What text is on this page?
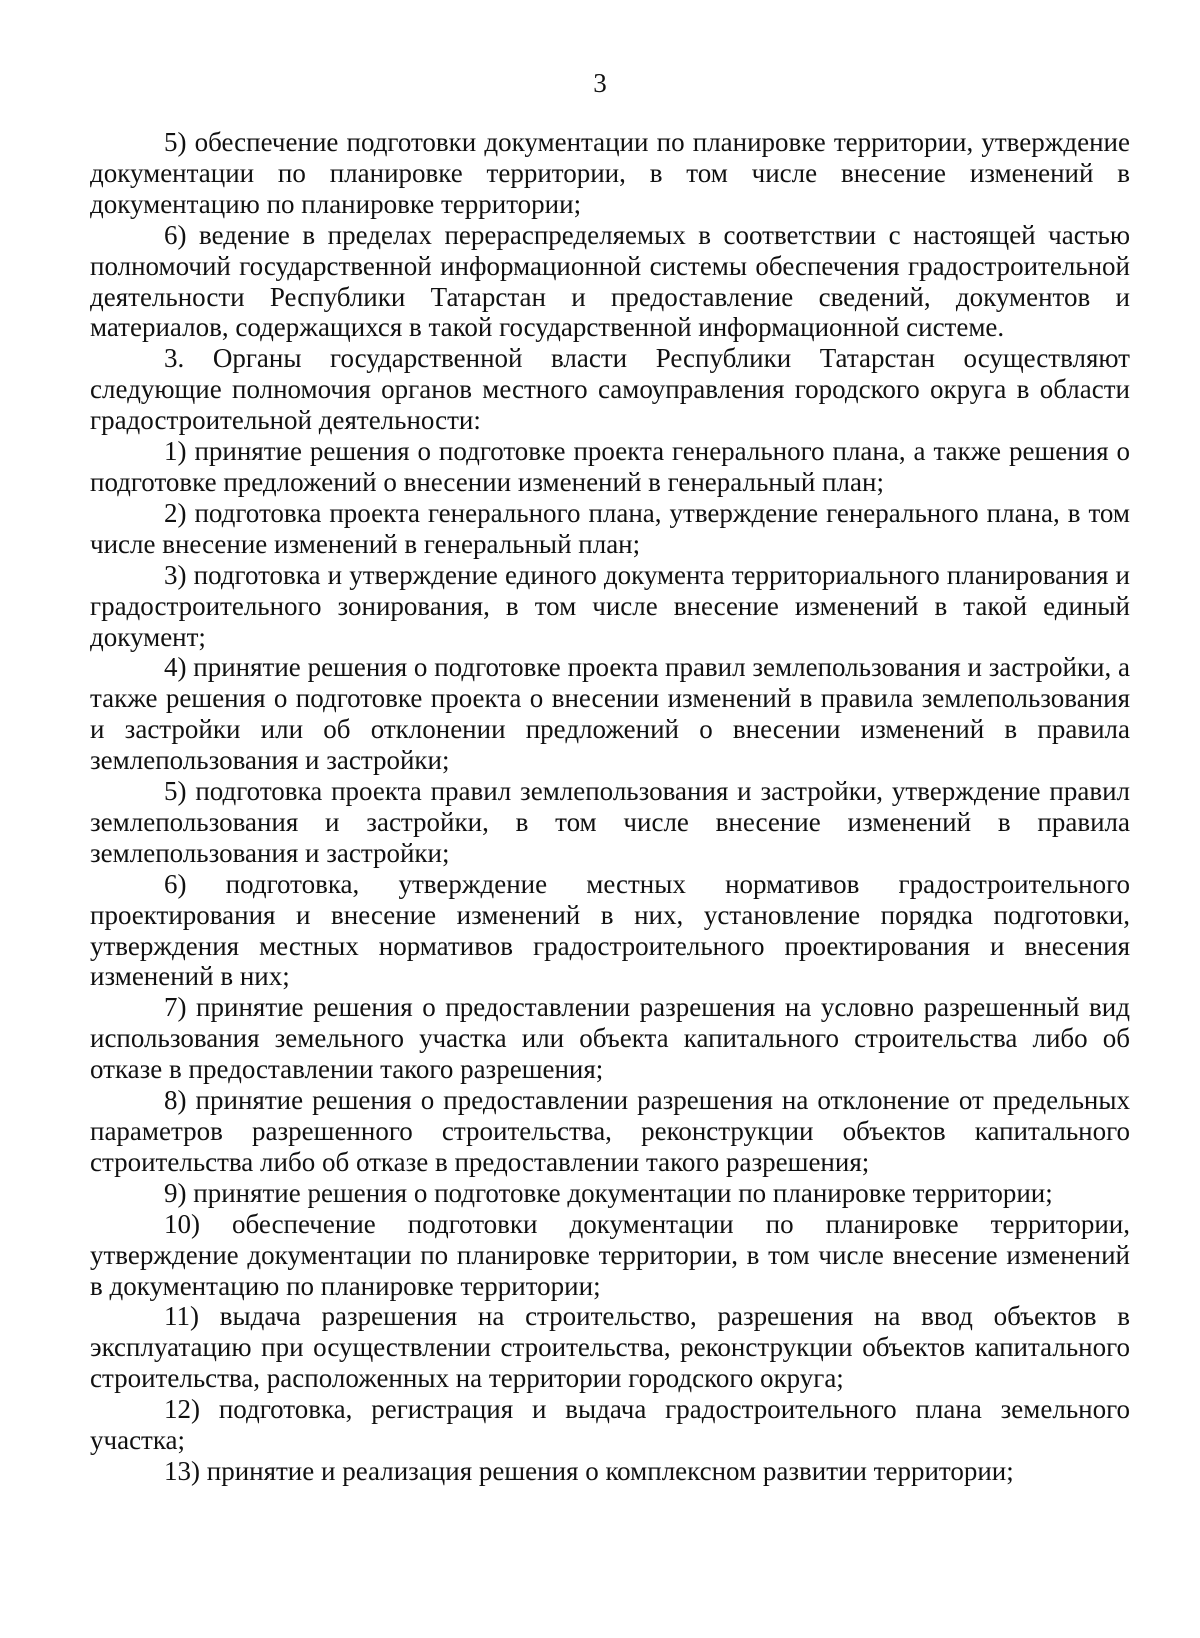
3

5) обеспечение подготовки документации по планировке территории, утверждение документации по планировке территории, в том числе внесение изменений в документацию по планировке территории;

6) ведение в пределах перераспределяемых в соответствии с настоящей частью полномочий государственной информационной системы обеспечения градостроительной деятельности Республики Татарстан и предоставление сведений, документов и материалов, содержащихся в такой государственной информационной системе.

3. Органы государственной власти Республики Татарстан осуществляют следующие полномочия органов местного самоуправления городского округа в области градостроительной деятельности:

1) принятие решения о подготовке проекта генерального плана, а также решения о подготовке предложений о внесении изменений в генеральный план;

2) подготовка проекта генерального плана, утверждение генерального плана, в том числе внесение изменений в генеральный план;

3) подготовка и утверждение единого документа территориального планирования и градостроительного зонирования, в том числе внесение изменений в такой единый документ;

4) принятие решения о подготовке проекта правил землепользования и застройки, а также решения о подготовке проекта о внесении изменений в правила землепользования и застройки или об отклонении предложений о внесении изменений в правила землепользования и застройки;

5) подготовка проекта правил землепользования и застройки, утверждение правил землепользования и застройки, в том числе внесение изменений в правила землепользования и застройки;

6) подготовка, утверждение местных нормативов градостроительного проектирования и внесение изменений в них, установление порядка подготовки, утверждения местных нормативов градостроительного проектирования и внесения изменений в них;

7) принятие решения о предоставлении разрешения на условно разрешенный вид использования земельного участка или объекта капитального строительства либо об отказе в предоставлении такого разрешения;

8) принятие решения о предоставлении разрешения на отклонение от предельных параметров разрешенного строительства, реконструкции объектов капитального строительства либо об отказе в предоставлении такого разрешения;

9) принятие решения о подготовке документации по планировке территории;

10) обеспечение подготовки документации по планировке территории, утверждение документации по планировке территории, в том числе внесение изменений в документацию по планировке территории;

11) выдача разрешения на строительство, разрешения на ввод объектов в эксплуатацию при осуществлении строительства, реконструкции объектов капитального строительства, расположенных на территории городского округа;

12) подготовка, регистрация и выдача градостроительного плана земельного участка;

13) принятие и реализация решения о комплексном развитии территории;
